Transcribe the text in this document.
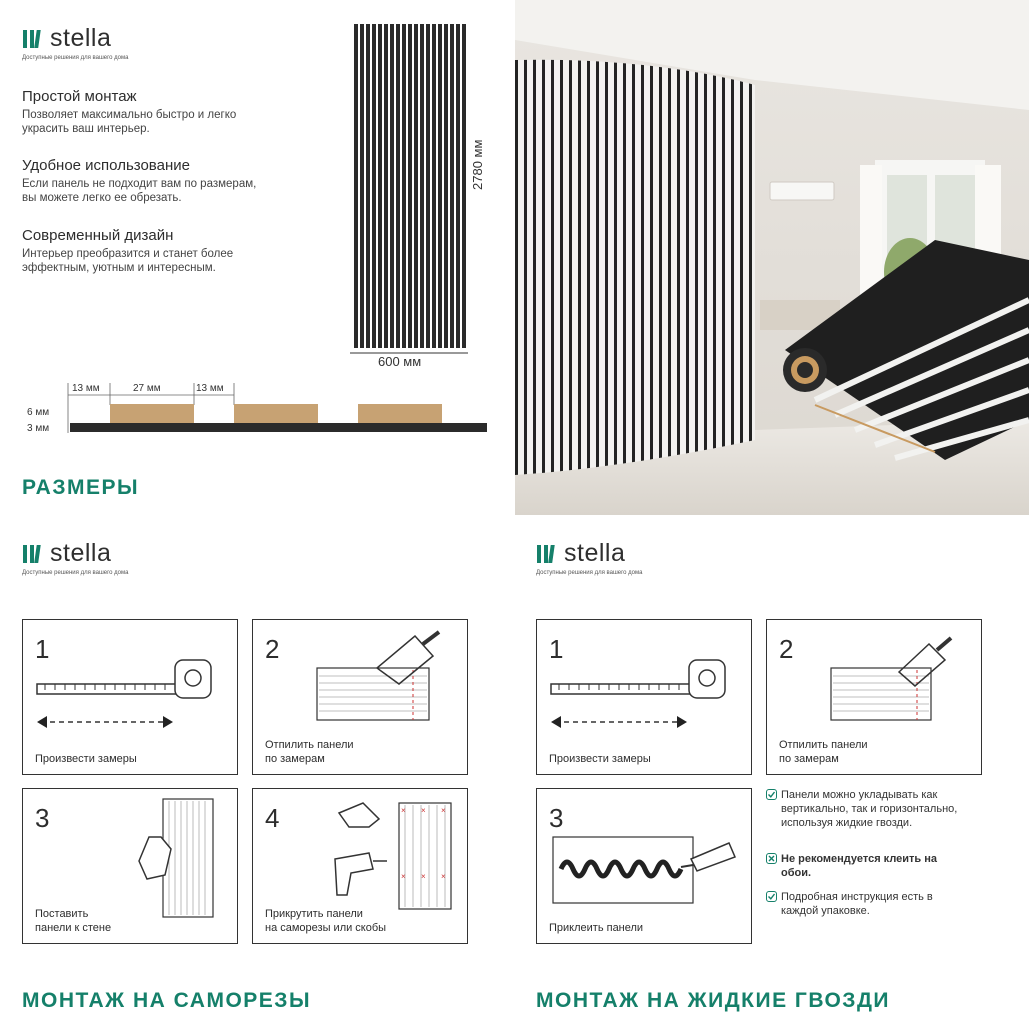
stella
Доступные решения для вашего дома

Простой монтаж

Позволяет максимально быстро и легко украсить ваш интерьер.

Удобное использование

Если панель не подходит вам по размерам, вы можете легко ее обрезать.

Современный дизайн

Интерьер преобразится и станет более эффектным, уютным и интересным.

2780 мм
600 мм
13 мм	27 мм	13 мм
6 мм
3 мм
РАЗМЕРЫ
stella
Доступные решения для вашего дома
1
Произвести замеры
2
Отпилить панели
по замерам
3
Поставить
панели к стене
4	× × ×
× × ×
Прикрутить панели
на саморезы или скобы
МОНТАЖ НА САМОРЕЗЫ
stella
Доступные решения для вашего дома
1
Произвести замеры
2
Отпилить панели
по замерам
3
Приклеить панели
Панели можно укладывать как вертикально, так и горизонтально, используя жидкие гвозди.
Не рекомендуется клеить на обои.
Подробная инструкция есть в каждой упаковке.
МОНТАЖ НА ЖИДКИЕ ГВОЗДИ
